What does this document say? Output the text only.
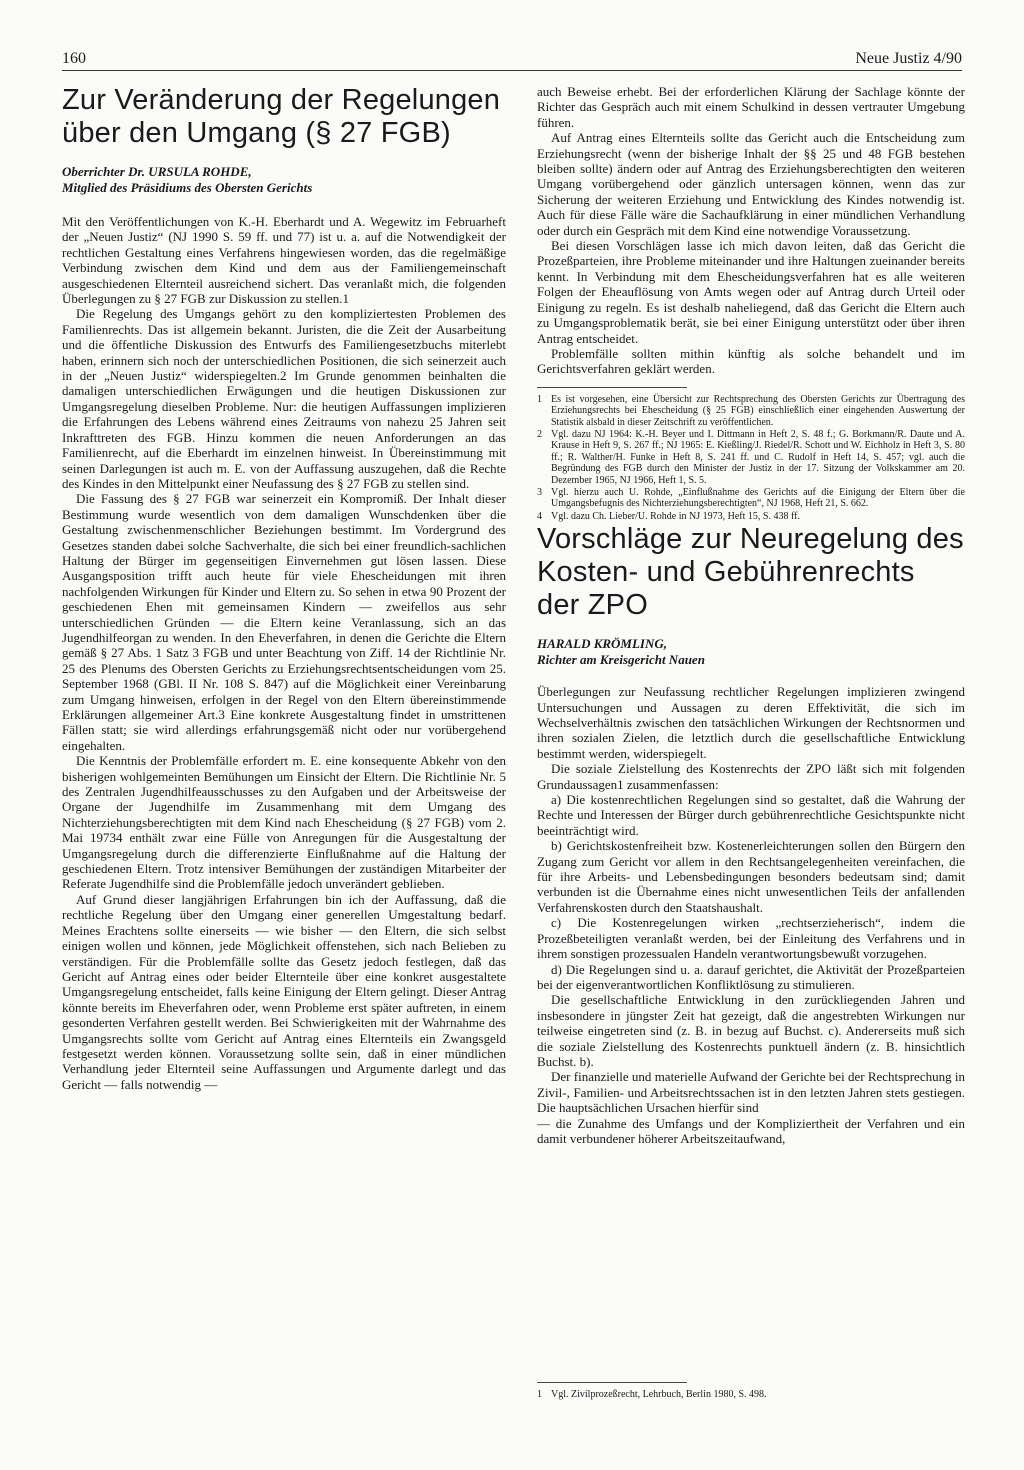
160	Neue Justiz 4/90
Zur Veränderung der Regelungen
über den Umgang (§ 27 FGB)
Oberrichter Dr. URSULA ROHDE,
Mitglied des Präsidiums des Obersten Gerichts

Mit den Veröffentlichungen von K.-H. Eberhardt und A. Wegewitz im Februarheft der „Neuen Justiz“ (NJ 1990 S. 59 ff. und 77) ist u. a. auf die Notwendigkeit der rechtlichen Gestaltung eines Verfahrens hingewiesen worden, das die regelmäßige Verbindung zwischen dem Kind und dem aus der Familiengemeinschaft ausgeschiedenen Elternteil ausreichend sichert. Das veranlaßt mich, die folgenden Überlegungen zu § 27 FGB zur Diskussion zu stellen.1

Die Regelung des Umgangs gehört zu den kompliziertesten Problemen des Familienrechts. Das ist allgemein bekannt. Juristen, die die Zeit der Ausarbeitung und die öffentliche Diskussion des Entwurfs des Familiengesetzbuchs miterlebt haben, erinnern sich noch der unterschiedlichen Positionen, die sich seinerzeit auch in der „Neuen Justiz“ widerspiegelten.2 Im Grunde genommen beinhalten die damaligen unterschiedlichen Erwägungen und die heutigen Diskussionen zur Umgangsregelung dieselben Probleme. Nur: die heutigen Auffassungen implizieren die Erfahrungen des Lebens während eines Zeitraums von nahezu 25 Jahren seit Inkrafttreten des FGB. Hinzu kommen die neuen Anforderungen an das Familienrecht, auf die Eberhardt im einzelnen hinweist. In Übereinstimmung mit seinen Darlegungen ist auch m. E. von der Auffassung auszugehen, daß die Rechte des Kindes in den Mittelpunkt einer Neufassung des § 27 FGB zu stellen sind.

Die Fassung des § 27 FGB war seinerzeit ein Kompromiß. Der Inhalt dieser Bestimmung wurde wesentlich von dem damaligen Wunschdenken über die Gestaltung zwischenmenschlicher Beziehungen bestimmt. Im Vordergrund des Gesetzes standen dabei solche Sachverhalte, die sich bei einer freundlich-sachlichen Haltung der Bürger im gegenseitigen Einvernehmen gut lösen lassen. Diese Ausgangsposition trifft auch heute für viele Ehescheidungen mit ihren nachfolgenden Wirkungen für Kinder und Eltern zu. So sehen in etwa 90 Prozent der geschiedenen Ehen mit gemeinsamen Kindern — zweifellos aus sehr unterschiedlichen Gründen — die Eltern keine Veranlassung, sich an das Jugendhilfeorgan zu wenden. In den Eheverfahren, in denen die Gerichte die Eltern gemäß § 27 Abs. 1 Satz 3 FGB und unter Beachtung von Ziff. 14 der Richtlinie Nr. 25 des Plenums des Obersten Gerichts zu Erziehungsrechtsentscheidungen vom 25. September 1968 (GBl. II Nr. 108 S. 847) auf die Möglichkeit einer Vereinbarung zum Umgang hinweisen, erfolgen in der Regel von den Eltern übereinstimmende Erklärungen allgemeiner Art.3 Eine konkrete Ausgestaltung findet in umstrittenen Fällen statt; sie wird allerdings erfahrungsgemäß nicht oder nur vorübergehend eingehalten.

Die Kenntnis der Problemfälle erfordert m. E. eine konsequente Abkehr von den bisherigen wohlgemeinten Bemühungen um Einsicht der Eltern. Die Richtlinie Nr. 5 des Zentralen Jugendhilfeausschusses zu den Aufgaben und der Arbeitsweise der Organe der Jugendhilfe im Zusammenhang mit dem Umgang des Nichterziehungsberechtigten mit dem Kind nach Ehescheidung (§ 27 FGB) vom 2. Mai 19734 enthält zwar eine Fülle von Anregungen für die Ausgestaltung der Umgangsregelung durch die differenzierte Einflußnahme auf die Haltung der geschiedenen Eltern. Trotz intensiver Bemühungen der zuständigen Mitarbeiter der Referate Jugendhilfe sind die Problemfälle jedoch unverändert geblieben.

Auf Grund dieser langjährigen Erfahrungen bin ich der Auffassung, daß die rechtliche Regelung über den Umgang einer generellen Umgestaltung bedarf. Meines Erachtens sollte einerseits — wie bisher — den Eltern, die sich selbst einigen wollen und können, jede Möglichkeit offenstehen, sich nach Belieben zu verständigen. Für die Problemfälle sollte das Gesetz jedoch festlegen, daß das Gericht auf Antrag eines oder beider Elternteile über eine konkret ausgestaltete Umgangsregelung entscheidet, falls keine Einigung der Eltern gelingt. Dieser Antrag könnte bereits im Eheverfahren oder, wenn Probleme erst später auftreten, in einem gesonderten Verfahren gestellt werden. Bei Schwierigkeiten mit der Wahrnahme des Umgangsrechts sollte vom Gericht auf Antrag eines Elternteils ein Zwangsgeld festgesetzt werden können. Voraussetzung sollte sein, daß in einer mündlichen Verhandlung jeder Elternteil seine Auffassungen und Argumente darlegt und das Gericht — falls notwendig —

auch Beweise erhebt. Bei der erforderlichen Klärung der Sachlage könnte der Richter das Gespräch auch mit einem Schulkind in dessen vertrauter Umgebung führen.

Auf Antrag eines Elternteils sollte das Gericht auch die Entscheidung zum Erziehungsrecht (wenn der bisherige Inhalt der §§ 25 und 48 FGB bestehen bleiben sollte) ändern oder auf Antrag des Erziehungsberechtigten den weiteren Umgang vorübergehend oder gänzlich untersagen können, wenn das zur Sicherung der weiteren Erziehung und Entwicklung des Kindes notwendig ist. Auch für diese Fälle wäre die Sachaufklärung in einer mündlichen Verhandlung oder durch ein Gespräch mit dem Kind eine notwendige Voraussetzung.

Bei diesen Vorschlägen lasse ich mich davon leiten, daß das Gericht die Prozeßparteien, ihre Probleme miteinander und ihre Haltungen zueinander bereits kennt. In Verbindung mit dem Ehescheidungsverfahren hat es alle weiteren Folgen der Eheauflösung von Amts wegen oder auf Antrag durch Urteil oder Einigung zu regeln. Es ist deshalb naheliegend, daß das Gericht die Eltern auch zu Umgangsproblematik berät, sie bei einer Einigung unterstützt oder über ihren Antrag entscheidet.

Problemfälle sollten mithin künftig als solche behandelt und im Gerichtsverfahren geklärt werden.

1 Es ist vorgesehen, eine Übersicht zur Rechtsprechung des Obersten Gerichts zur Übertragung des Erziehungsrechts bei Ehescheidung (§ 25 FGB) einschließlich einer eingehenden Auswertung der Statistik alsbald in dieser Zeitschrift zu veröffentlichen.
2 Vgl. dazu NJ 1964: K.-H. Beyer und I. Dittmann in Heft 2, S. 48 f.; G. Borkmann/R. Daute und A. Krause in Heft 9, S. 267 ff.; NJ 1965: E. Kießling/J. Riedel/R. Schott und W. Eichholz in Heft 3, S. 80 ff.; R. Walther/H. Funke in Heft 8, S. 241 ff. und C. Rudolf in Heft 14, S. 457; vgl. auch die Begründung des FGB durch den Minister der Justiz in der 17. Sitzung der Volkskammer am 20. Dezember 1965, NJ 1966, Heft 1, S. 5.
3 Vgl. hierzu auch U. Rohde, „Einflußnahme des Gerichts auf die Einigung der Eltern über die Umgangsbefugnis des Nichterziehungsberechtigten“, NJ 1968, Heft 21, S. 662.
4 Vgl. dazu Ch. Lieber/U. Rohde in NJ 1973, Heft 15, S. 438 ff.
Vorschläge zur Neuregelung des
Kosten- und Gebührenrechts der ZPO
HARALD KRÖMLING,
Richter am Kreisgericht Nauen

Überlegungen zur Neufassung rechtlicher Regelungen implizieren zwingend Untersuchungen und Aussagen zu deren Effektivität, die sich im Wechselverhältnis zwischen den tatsächlichen Wirkungen der Rechtsnormen und ihren sozialen Zielen, die letztlich durch die gesellschaftliche Entwicklung bestimmt werden, widerspiegelt.

Die soziale Zielstellung des Kostenrechts der ZPO läßt sich mit folgenden Grundaussagen1 zusammenfassen:

a) Die kostenrechtlichen Regelungen sind so gestaltet, daß die Wahrung der Rechte und Interessen der Bürger durch gebührenrechtliche Gesichtspunkte nicht beeinträchtigt wird.

b) Gerichtskostenfreiheit bzw. Kostenerleichterungen sollen den Bürgern den Zugang zum Gericht vor allem in den Rechtsangelegenheiten vereinfachen, die für ihre Arbeits- und Lebensbedingungen besonders bedeutsam sind; damit verbunden ist die Übernahme eines nicht unwesentlichen Teils der anfallenden Verfahrenskosten durch den Staatshaushalt.

c) Die Kostenregelungen wirken „rechtserzieherisch“, indem die Prozeßbeteiligten veranlaßt werden, bei der Einleitung des Verfahrens und in ihrem sonstigen prozessualen Handeln verantwortungsbewußt vorzugehen.

d) Die Regelungen sind u. a. darauf gerichtet, die Aktivität der Prozeßparteien bei der eigenverantwortlichen Konfliktlösung zu stimulieren.

Die gesellschaftliche Entwicklung in den zurückliegenden Jahren und insbesondere in jüngster Zeit hat gezeigt, daß die angestrebten Wirkungen nur teilweise eingetreten sind (z. B. in bezug auf Buchst. c). Andererseits muß sich die soziale Zielstellung des Kostenrechts punktuell ändern (z. B. hinsichtlich Buchst. b).

Der finanzielle und materielle Aufwand der Gerichte bei der Rechtsprechung in Zivil-, Familien- und Arbeitsrechtssachen ist in den letzten Jahren stets gestiegen. Die hauptsächlichen Ursachen hierfür sind

— die Zunahme des Umfangs und der Kompliziertheit der Verfahren und ein damit verbundener höherer Arbeitszeitaufwand,

1 Vgl. Zivilprozeßrecht, Lehrbuch, Berlin 1980, S. 498.
